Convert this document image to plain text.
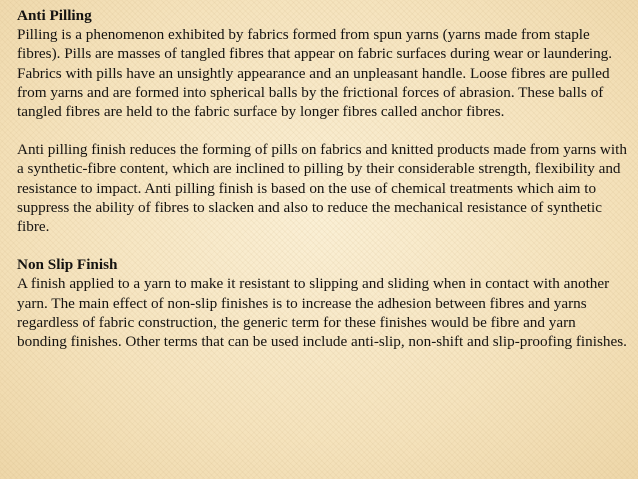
Anti Pilling

Pilling is a phenomenon exhibited by fabrics formed from spun yarns (yarns made from staple fibres). Pills are masses of tangled fibres that appear on fabric surfaces during wear or laundering. Fabrics with pills have an unsightly appearance and an unpleasant handle. Loose fibres are pulled from yarns and are formed into spherical balls by the frictional forces of abrasion. These balls of tangled fibres are held to the fabric surface by longer fibres called anchor fibres.

Anti pilling finish reduces the forming of pills on fabrics and knitted products made from yarns with a synthetic-fibre content, which are inclined to pilling by their considerable strength, flexibility and resistance to impact. Anti pilling finish is based on the use of chemical treatments which aim to suppress the ability of fibres to slacken and also to reduce the mechanical resistance of synthetic fibre.

Non Slip Finish

A finish applied to a yarn to make it resistant to slipping and sliding when in contact with another yarn. The main effect of non-slip finishes is to increase the adhesion between fibres and yarns regardless of fabric construction, the generic term for these finishes would be fibre and yarn bonding finishes. Other terms that can be used include anti-slip, non-shift and slip-proofing finishes.
